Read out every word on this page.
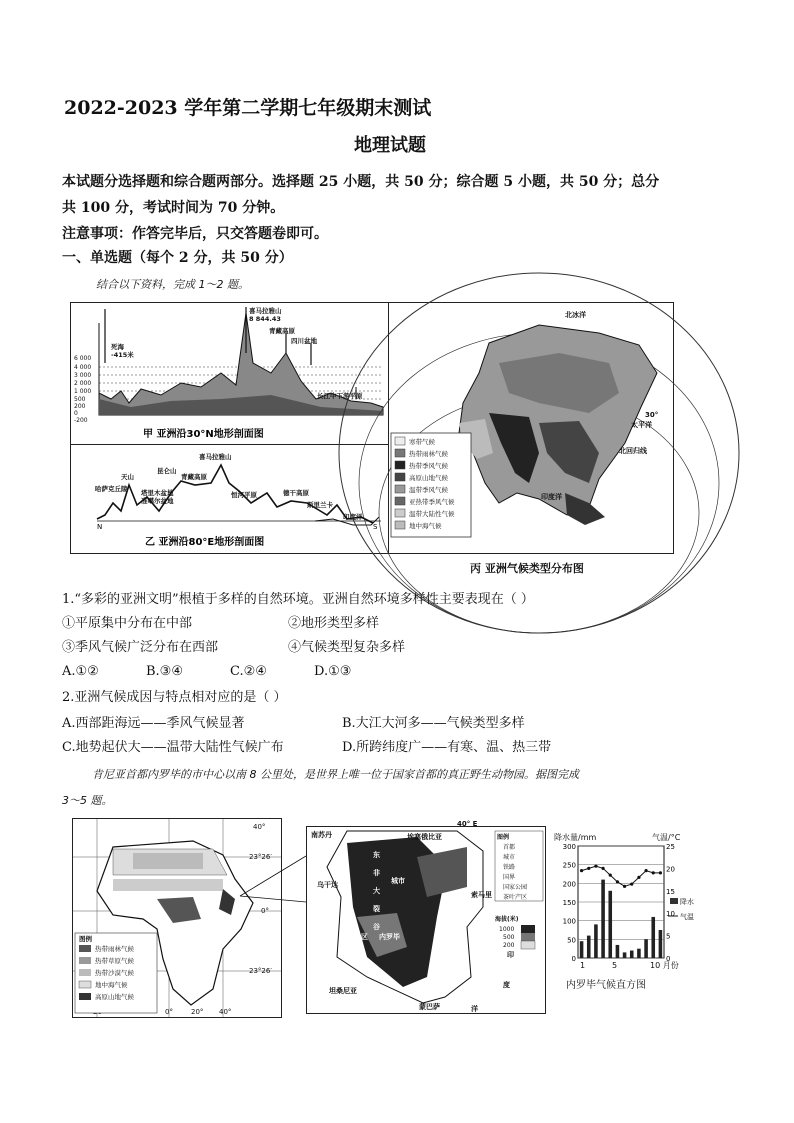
2022-2023 学年第二学期七年级期末测试
地理试题
本试题分选择题和综合题两部分。选择题 25 小题，共 50 分；综合题 5 小题，共 50 分；总分
共 100 分，考试时间为 70 分钟。
注意事项：作答完毕后，只交答题卷即可。
一、单选题（每个 2 分，共 50 分）
结合以下资料，完成 1～2 题。
6 000
4 000
3 000
2 000
1 000
500
200
0
-200
死海
-415米
喜马拉雅山
8 844.43
青藏高原
四川盆地
长江中下游平原
甲 亚洲沿30°N地形剖面图
N	S
喜马拉雅山
天山
塔里木盆地
昆仑山
青藏高原
哈萨克丘陵
准噶尔盆地
恒河平原	德干高原
斯里兰卡
印度洋
乙 亚洲沿80°E地形剖面图
北冰洋
太平洋
印度洋
30°
北回归线
寒带气候
热带雨林气候
热带季风气候
高原山地气候
温带季风气候
亚热带季风气候
温带大陆性气候
地中海气候
丙 亚洲气候类型分布图
1.“多彩的亚洲文明”根植于多样的自然环境。亚洲自然环境多样性主要表现在（ ）
①平原集中分布在中部	②地形类型多样
③季风气候广泛分布在西部	④气候类型复杂多样
A.①②	B.③④	C.②④	D.①③
2.亚洲气候成因与特点相对应的是（ ）
A.西部距海远——季风气候显著	B.大江大河多——气候类型多样
C.地势起伏大——温带大陆性气候广布	D.所跨纬度广——有寒、温、热三带
肯尼亚首都内罗毕的市中心以南 8 公里处，是世界上唯一位于国家首都的真正野生动物园。据图完成
3～5 题。
40°
23°26′
0°
23°26′
0°	20° 40°
图例
热带雨林气候
热带草原气候
热带沙漠气候
地中海气候
高原山地气候
图例
首都
城市
铁路
国界
国家公园
茶叶产区
40° E
南苏丹	埃塞俄比亚
乌干达
索马里
坦桑尼亚
东
非
大
裂
谷
城市
内罗毕
茶叶区
蒙巴萨
印
度
洋
海拔(米)
1000
500
200
降水量/mm	气温/°C
内罗毕气候直方图
1	5	10 月份
300
250
200
150
100
50
0
25
20
15
10
5
0
降水
气温
